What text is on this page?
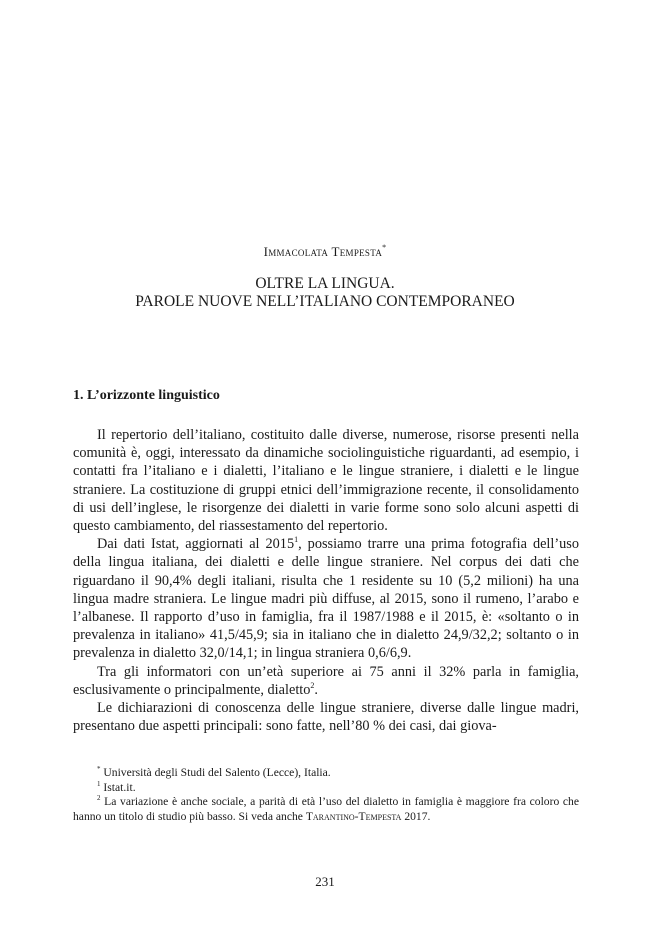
Immacolata Tempesta*
OLTRE LA LINGUA.
PAROLE NUOVE NELL’ITALIANO CONTEMPORANEO
1. L’orizzonte linguistico

Il repertorio dell’italiano, costituito dalle diverse, numerose, risorse presenti nella comunità è, oggi, interessato da dinamiche sociolinguistiche riguardanti, ad esempio, i contatti fra l’italiano e i dialetti, l’italiano e le lingue straniere, i dialetti e le lingue straniere. La costituzione di gruppi etnici dell’immigrazione recente, il consolidamento di usi dell’inglese, le risorgenze dei dialetti in varie forme sono solo alcuni aspetti di questo cambiamento, del riassestamento del repertorio.

Dai dati Istat, aggiornati al 2015$^1$, possiamo trarre una prima fotografia dell’uso della lingua italiana, dei dialetti e delle lingue straniere. Nel corpus dei dati che riguardano il 90,4% degli italiani, risulta che 1 residente su 10 (5,2 milioni) ha una lingua madre straniera. Le lingue madri più diffuse, al 2015, sono il rumeno, l’arabo e l’albanese. Il rapporto d’uso in famiglia, fra il 1987/1988 e il 2015, è: «soltanto o in prevalenza in italiano» 41,5/45,9; sia in italiano che in dialetto 24,9/32,2; soltanto o in prevalenza in dialetto 32,0/14,1; in lingua straniera 0,6/6,9.

Tra gli informatori con un’età superiore ai 75 anni il 32% parla in famiglia, esclusivamente o principalmente, dialetto$^2$.

Le dichiarazioni di conoscenza delle lingue straniere, diverse dalle lingue madri, presentano due aspetti principali: sono fatte, nell’80 % dei casi, dai giova-

* Università degli Studi del Salento (Lecce), Italia.

$^1$ Istat.it.

$^2$ La variazione è anche sociale, a parità di età l’uso del dialetto in famiglia è maggiore fra coloro che hanno un titolo di studio più basso. Si veda anche Tarantino-Tempesta 2017.

231
